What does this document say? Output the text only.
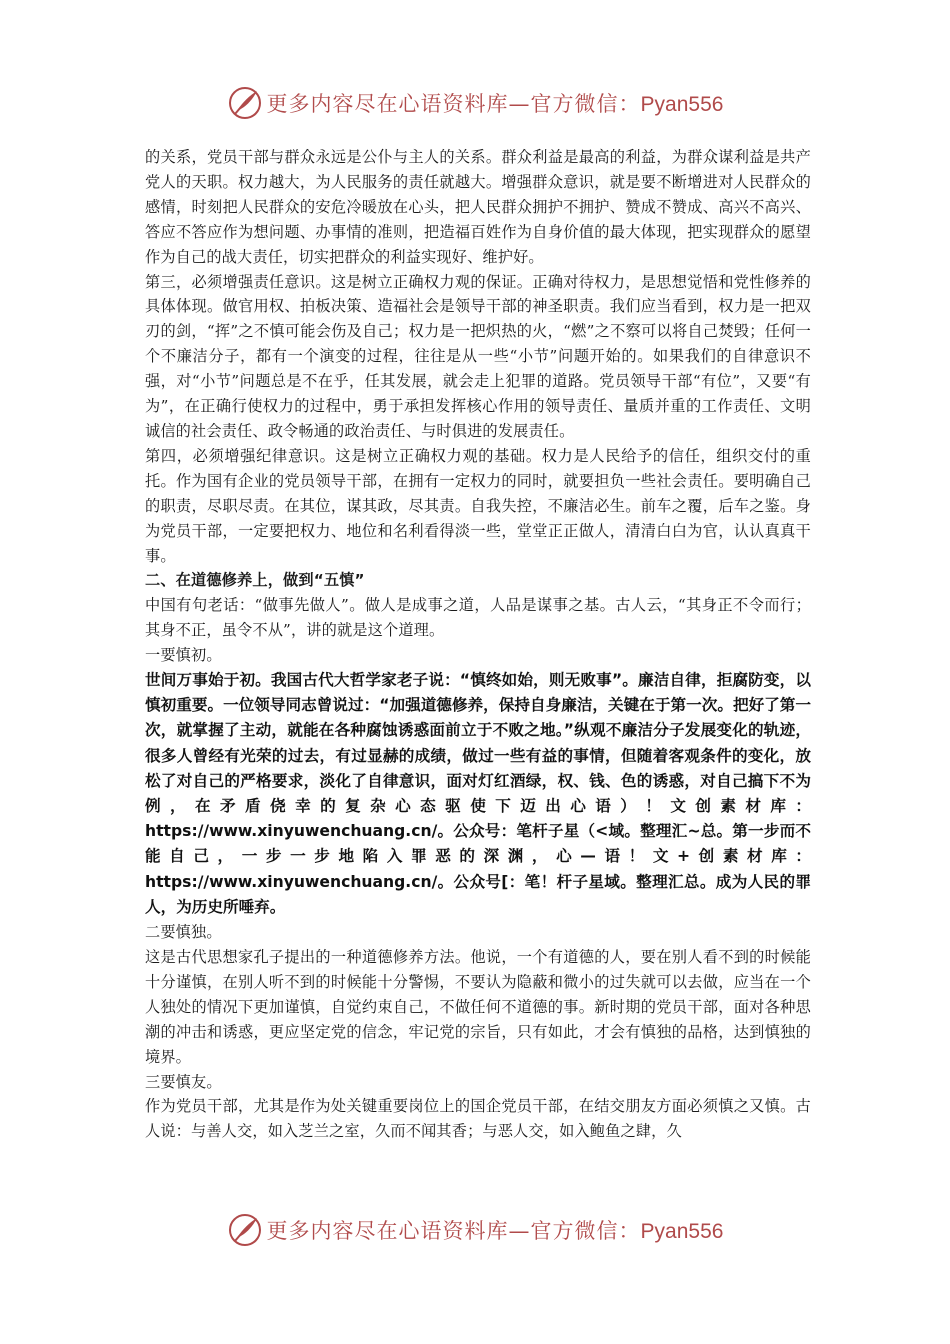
更多内容尽在心语资料库—官方微信：Pyan556

的关系，党员干部与群众永远是公仆与主人的关系。群众利益是最高的利益，为群众谋利益是共产党人的天职。权力越大，为人民服务的责任就越大。增强群众意识，就是要不断增进对人民群众的感情，时刻把人民群众的安危冷暖放在心头，把人民群众拥护不拥护、赞成不赞成、高兴不高兴、答应不答应作为想问题、办事情的准则，把造福百姓作为自身价值的最大体现，把实现群众的愿望作为自己的战大责任，切实把群众的利益实现好、维护好。

第三，必须增强责任意识。这是树立正确权力观的保证。正确对待权力，是思想觉悟和党性修养的具体体现。做官用权、拍板决策、造福社会是领导干部的神圣职责。我们应当看到，权力是一把双刃的剑，“挥”之不慎可能会伤及自己；权力是一把炽热的火，“燃”之不察可以将自己焚毁；任何一个不廉洁分子，都有一个演变的过程，往往是从一些“小节”问题开始的。如果我们的自律意识不强，对“小节”问题总是不在乎，任其发展，就会走上犯罪的道路。党员领导干部“有位”，又要“有为”，在正确行使权力的过程中，勇于承担发挥核心作用的领导责任、量质并重的工作责任、文明诚信的社会责任、政令畅通的政治责任、与时俱进的发展责任。

第四，必须增强纪律意识。这是树立正确权力观的基础。权力是人民给予的信任，组织交付的重托。作为国有企业的党员领导干部，在拥有一定权力的同时，就要担负一些社会责任。要明确自己的职责，尽职尽责。在其位，谋其政，尽其责。自我失控，不廉洁必生。前车之覆，后车之鉴。身为党员干部，一定要把权力、地位和名利看得淡一些，堂堂正正做人，清清白白为官，认认真真干事。

二、在道德修养上，做到“五慎”

中国有句老话：“做事先做人”。做人是成事之道，人品是谋事之基。古人云，“其身正不令而行；其身不正，虽令不从”，讲的就是这个道理。

一要慎初。

世间万事始于初。我国古代大哲学家老子说：“慎终如始，则无败事”。廉洁自律，拒腐防变，以慎初重要。一位领导同志曾说过：“加强道德修养，保持自身廉洁，关键在于第一次。把好了第一次，就掌握了主动，就能在各种腐蚀诱惑面前立于不败之地。”纵观不廉洁分子发展变化的轨迹，很多人曾经有光荣的过去，有过显赫的成绩，做过一些有益的事情，但随着客观条件的变化，放松了对自己的严格要求，淡化了自律意识，面对灯红酒绿，权、钱、色的诱惑，对自己搞下不为例，在矛盾侥幸的复杂心态驱使下迈出心语）！文创素材库：https://www.xinyuwenchuang.cn/。公众号：笔杆子星（<域。整理汇~总。第一步而不能自己，一步一步地陷入罪恶的深渊，心—语！文+创素材库：https://www.xinyuwenchuang.cn/。公众号[：笔！杆子星域。整理汇总。成为人民的罪人，为历史所唾弃。

二要慎独。

这是古代思想家孔子提出的一种道德修养方法。他说，一个有道德的人，要在别人看不到的时候能十分谨慎，在别人听不到的时候能十分警惕，不要认为隐蔽和微小的过失就可以去做，应当在一个人独处的情况下更加谨慎，自觉约束自己，不做任何不道德的事。新时期的党员干部，面对各种思潮的冲击和诱惑，更应坚定党的信念，牢记党的宗旨，只有如此，才会有慎独的品格，达到慎独的境界。

三要慎友。

作为党员干部，尤其是作为处关键重要岗位上的国企党员干部，在结交朋友方面必须慎之又慎。古人说：与善人交，如入芝兰之室，久而不闻其香；与恶人交，如入鲍鱼之肆，久

更多内容尽在心语资料库—官方微信：Pyan556
